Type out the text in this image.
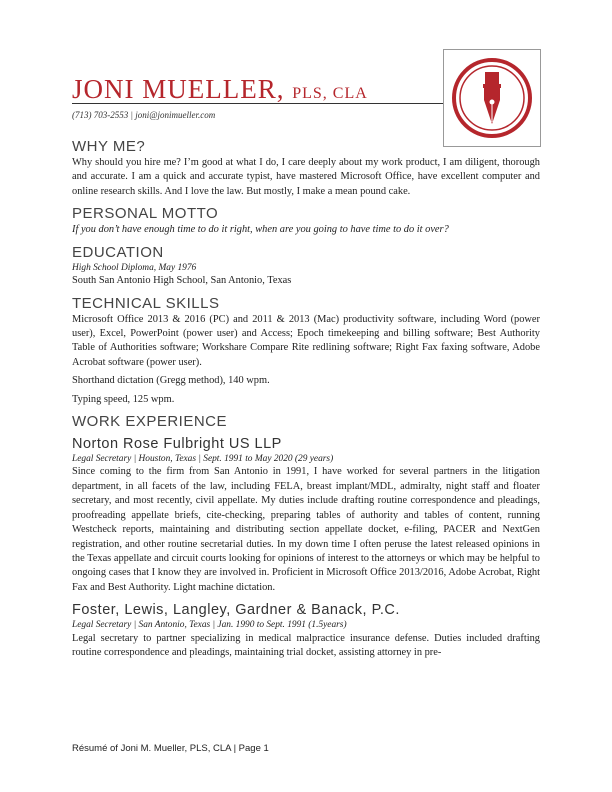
JONI MUELLER, PLS, CLA
(713) 703-2553 | joni@jonimueller.com
WHY ME?

Why should you hire me? I’m good at what I do, I care deeply about my work product, I am diligent, thorough and accurate. I am a quick and accurate typist, have mastered Microsoft Office, have excellent computer and online research skills. And I love the law. But mostly, I make a mean pound cake.

PERSONAL MOTTO

If you don’t have enough time to do it right, when are you going to have time to do it over?

EDUCATION

High School Diploma, May 1976

South San Antonio High School, San Antonio, Texas

TECHNICAL SKILLS

Microsoft Office 2013 & 2016 (PC) and 2011 & 2013 (Mac) productivity software, including Word (power user), Excel, PowerPoint (power user) and Access; Epoch timekeeping and billing software; Best Authority Table of Authorities software; Workshare Compare Rite redlining software; Right Fax faxing software, Adobe Acrobat software (power user).

Shorthand dictation (Gregg method), 140 wpm.

Typing speed, 125 wpm.

WORK EXPERIENCE
Norton Rose Fulbright US LLP

Legal Secretary | Houston, Texas | Sept. 1991 to May 2020 (29 years)

Since coming to the firm from San Antonio in 1991, I have worked for several partners in the litigation department, in all facets of the law, including FELA, breast implant/MDL, admiralty, night staff and floater secretary, and most recently, civil appellate. My duties include drafting routine correspondence and pleadings, proofreading appellate briefs, cite-checking, preparing tables of authority and tables of content, running Westcheck reports, maintaining and distributing section appellate docket, e-filing, PACER and NextGen registration, and other routine secretarial duties. In my down time I often peruse the latest released opinions in the Texas appellate and circuit courts looking for opinions of interest to the attorneys or which may be helpful to ongoing cases that I know they are involved in. Proficient in Microsoft Office 2013/2016, Adobe Acrobat, Right Fax and Best Authority. Light machine dictation.

Foster, Lewis, Langley, Gardner & Banack, P.C.

Legal Secretary | San Antonio, Texas | Jan. 1990 to Sept. 1991 (1.5years)

Legal secretary to partner specializing in medical malpractice insurance defense. Duties included drafting routine correspondence and pleadings, maintaining trial docket, assisting attorney in pre-

Résumé of Joni M. Mueller, PLS, CLA | Page 1
